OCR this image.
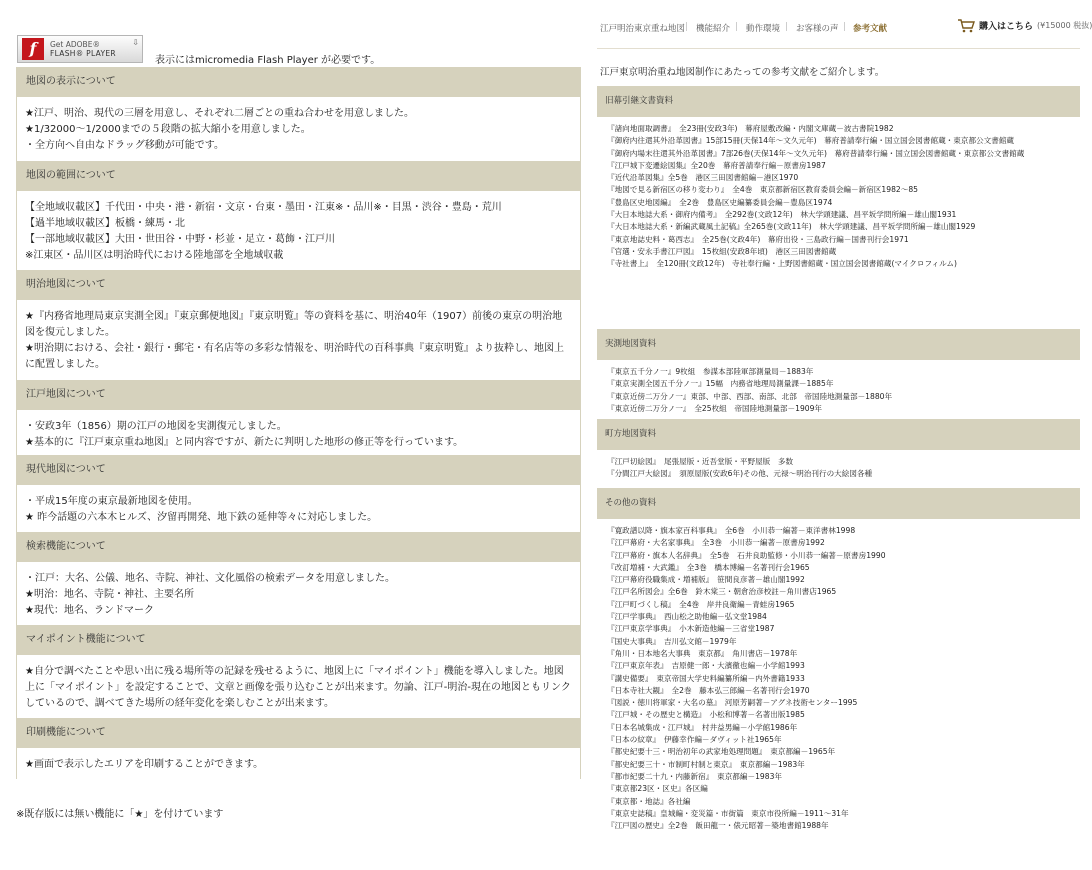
f	Get ADOBE®
FLASH® PLAYER
⇩
表示にはmicromedia Flash Player が必要です。
地図の表示について
★江戸、明治、現代の三層を用意し、それぞれ二層ごとの重ね合わせを用意しました。
★1/32000～1/2000までの５段階の拡大縮小を用意しました。
・全方向へ自由なドラッグ移動が可能です。
地図の範囲について
【全地域収載区】千代田・中央・港・新宿・文京・台東・墨田・江東※・品川※・目黒・渋谷・豊島・荒川
【過半地域収載区】板橋・練馬・北
【一部地域収載区】大田・世田谷・中野・杉並・足立・葛飾・江戸川
※江東区・品川区は明治時代における陸地部を全地域収載
明治地図について
★『内務省地理局東京実測全図』『東京郵便地図』『東京明覧』等の資料を基に、明治40年（1907）前後の東京の明治地図を復元しました。
★明治期における、会社・銀行・郵宅・有名店等の多彩な情報を、明治時代の百科事典『東京明覧』より抜粋し、地図上に配置しました。
江戸地図について
・安政3年（1856）期の江戸の地図を実測復元しました。
★基本的に『江戸東京重ね地図』と同内容ですが、新たに判明した地形の修正等を行っています。
現代地図について
・平成15年度の東京最新地図を使用。
★ 昨今話題の六本木ヒルズ、汐留再開発、地下鉄の延伸等々に対応しました。
検索機能について
・江戸：大名、公儀、地名、寺院、神社、文化風俗の検索データを用意しました。
★明治：地名、寺院・神社、主要名所
★現代：地名、ランドマーク
マイポイント機能について
★自分で調べたことや思い出に残る場所等の記録を残せるように、地図上に「マイポイント」機能を導入しました。地図上に「マイポイント」を設定することで、文章と画像を張り込むことが出来ます。勿論、江戸-明治-現在の地図ともリンクしているので、調べてきた場所の経年変化を楽しむことが出来ます。
印刷機能について
★画面で表示したエリアを印刷することができます。
※既存版には無い機能に「★」を付けています
江戸明治東京重ね地図 | 機能紹介 | 動作環境 | お客様の声 | 参考文献	購入はこちら (¥15000 税抜)
江戸東京明治重ね地図制作にあたっての参考文献をご紹介します。
旧幕引継文書資料
『諸向地面取調書』　全23冊(安政3年)　幕府屋敷改編・内閣文庫蔵－波古書院1982
『御府内往還其外沿革図書』15部15冊(天保14年～文久元年)　幕府普請奉行編・国立国会図書館蔵・東京都公文書館蔵
『御府内場末往還其外沿革図書』7部26巻(天保14年～文久元年)　幕府普請奉行編・国立国会図書館蔵・東京都公文書館蔵
『江戸城下変遷絵図集』全20巻　幕府普請奉行編－原書房1987
『近代沿革図集』全5巻　港区三田図書館編－港区1970
『地図で見る新宿区の移り変わり』　全4巻　東京都新宿区教育委員会編－新宿区1982～85
『豊島区史地図編』　全2巻　豊島区史編纂委員会編－豊島区1974
『大日本地誌大系・御府内備考』　全292巻(文政12年)　林大学頭建議、昌平坂学問所編－雄山閣1931
『大日本地誌大系・新編武蔵風土記稿』全265巻(文政11年)　林大学頭建議、昌平坂学問所編－雄山閣1929
『東京地誌史料・葛西志』　全25巻(文政4年)　幕府出役・三島政行編－国書刊行会1971
『官選・安永手書江戸図』　15枚組(安政8年頃)　港区三田図書館蔵
『寺社書上』　全120冊(文政12年)　寺社奉行編・上野図書館蔵・国立国会図書館蔵(マイクロフィルム)
実測地図資料
『東京五千分ノ一』9枚組　参謀本部陸軍部測量局－1883年
『東京実測全図五千分ノ一』15幅　内務省地理局測量課－1885年
『東京近傍二万分ノ一』東部、中部、西部、南部、北部　帝国陸地測量部－1880年
『東京近傍二万分ノ一』　全25枚組　帝国陸地測量部－1909年
町方地図資料
『江戸切絵図』　尾張屋版・近吾堂版・平野屋版　多数
『分間江戸大絵図』　須原屋版(安政6年)その他、元禄～明治刊行の大絵図各種
その他の資料
『寛政譜以降・旗本家百科事典』　全6巻　小川恭一編著－東洋書林1998
『江戸幕府・大名家事典』　全3巻　小川恭一編著－原書房1992
『江戸幕府・旗本人名辞典』　全5巻　石井良助監修・小川恭一編著－原書房1990
『改訂増補・大武鑑』　全3巻　橋本博編－名著刊行会1965
『江戸幕府役職集成・増補版』　笹間良彦著－雄山閣1992
『江戸名所図会』全6巻　鈴木棠三・朝倉治彦校註－角川書店1965
『江戸町づくし稿』　全4巻　岸井良衛編－青蛙房1965
『江戸学事典』　西山松之助他編－弘文堂1984
『江戸東京学事典』　小木新造他編－三省堂1987
『国史大事典』　吉川弘文館－1979年
『角川・日本地名大事典　東京都』　角川書店－1978年
『江戸東京年表』　吉原健一郎・大濱徹也編－小学館1993
『講史備要』　東京帝国大学史料編纂所編－内外書籍1933
『日本寺社大観』　全2巻　藤本弘三郎編－名著刊行会1970
『図説・徳川将軍家・大名の墓』　河原芳嗣著－アグネ技術センター1995
『江戸城・その歴史と構造』　小松和博著－名著出版1985
『日本名城集成・江戸城』　村井益男編－小学館1986年
『日本の紋章』　伊藤幸作編－ダヴィット社1965年
『都史紀要十三・明治初年の武家地処理問題』　東京都編－1965年
『都史紀要三十・市制町村制と東京』　東京都編－1983年
『都市紀要二十九・内藤新宿』　東京都編－1983年
『東京都23区・区史』各区編
『東京都・地誌』各社編
『東京史誌稿』皇城編・変災篇・市街篇　東京市役所編－1911～31年
『江戸図の歴史』全2巻　飯田龍一・俵元昭著－築地書館1988年
